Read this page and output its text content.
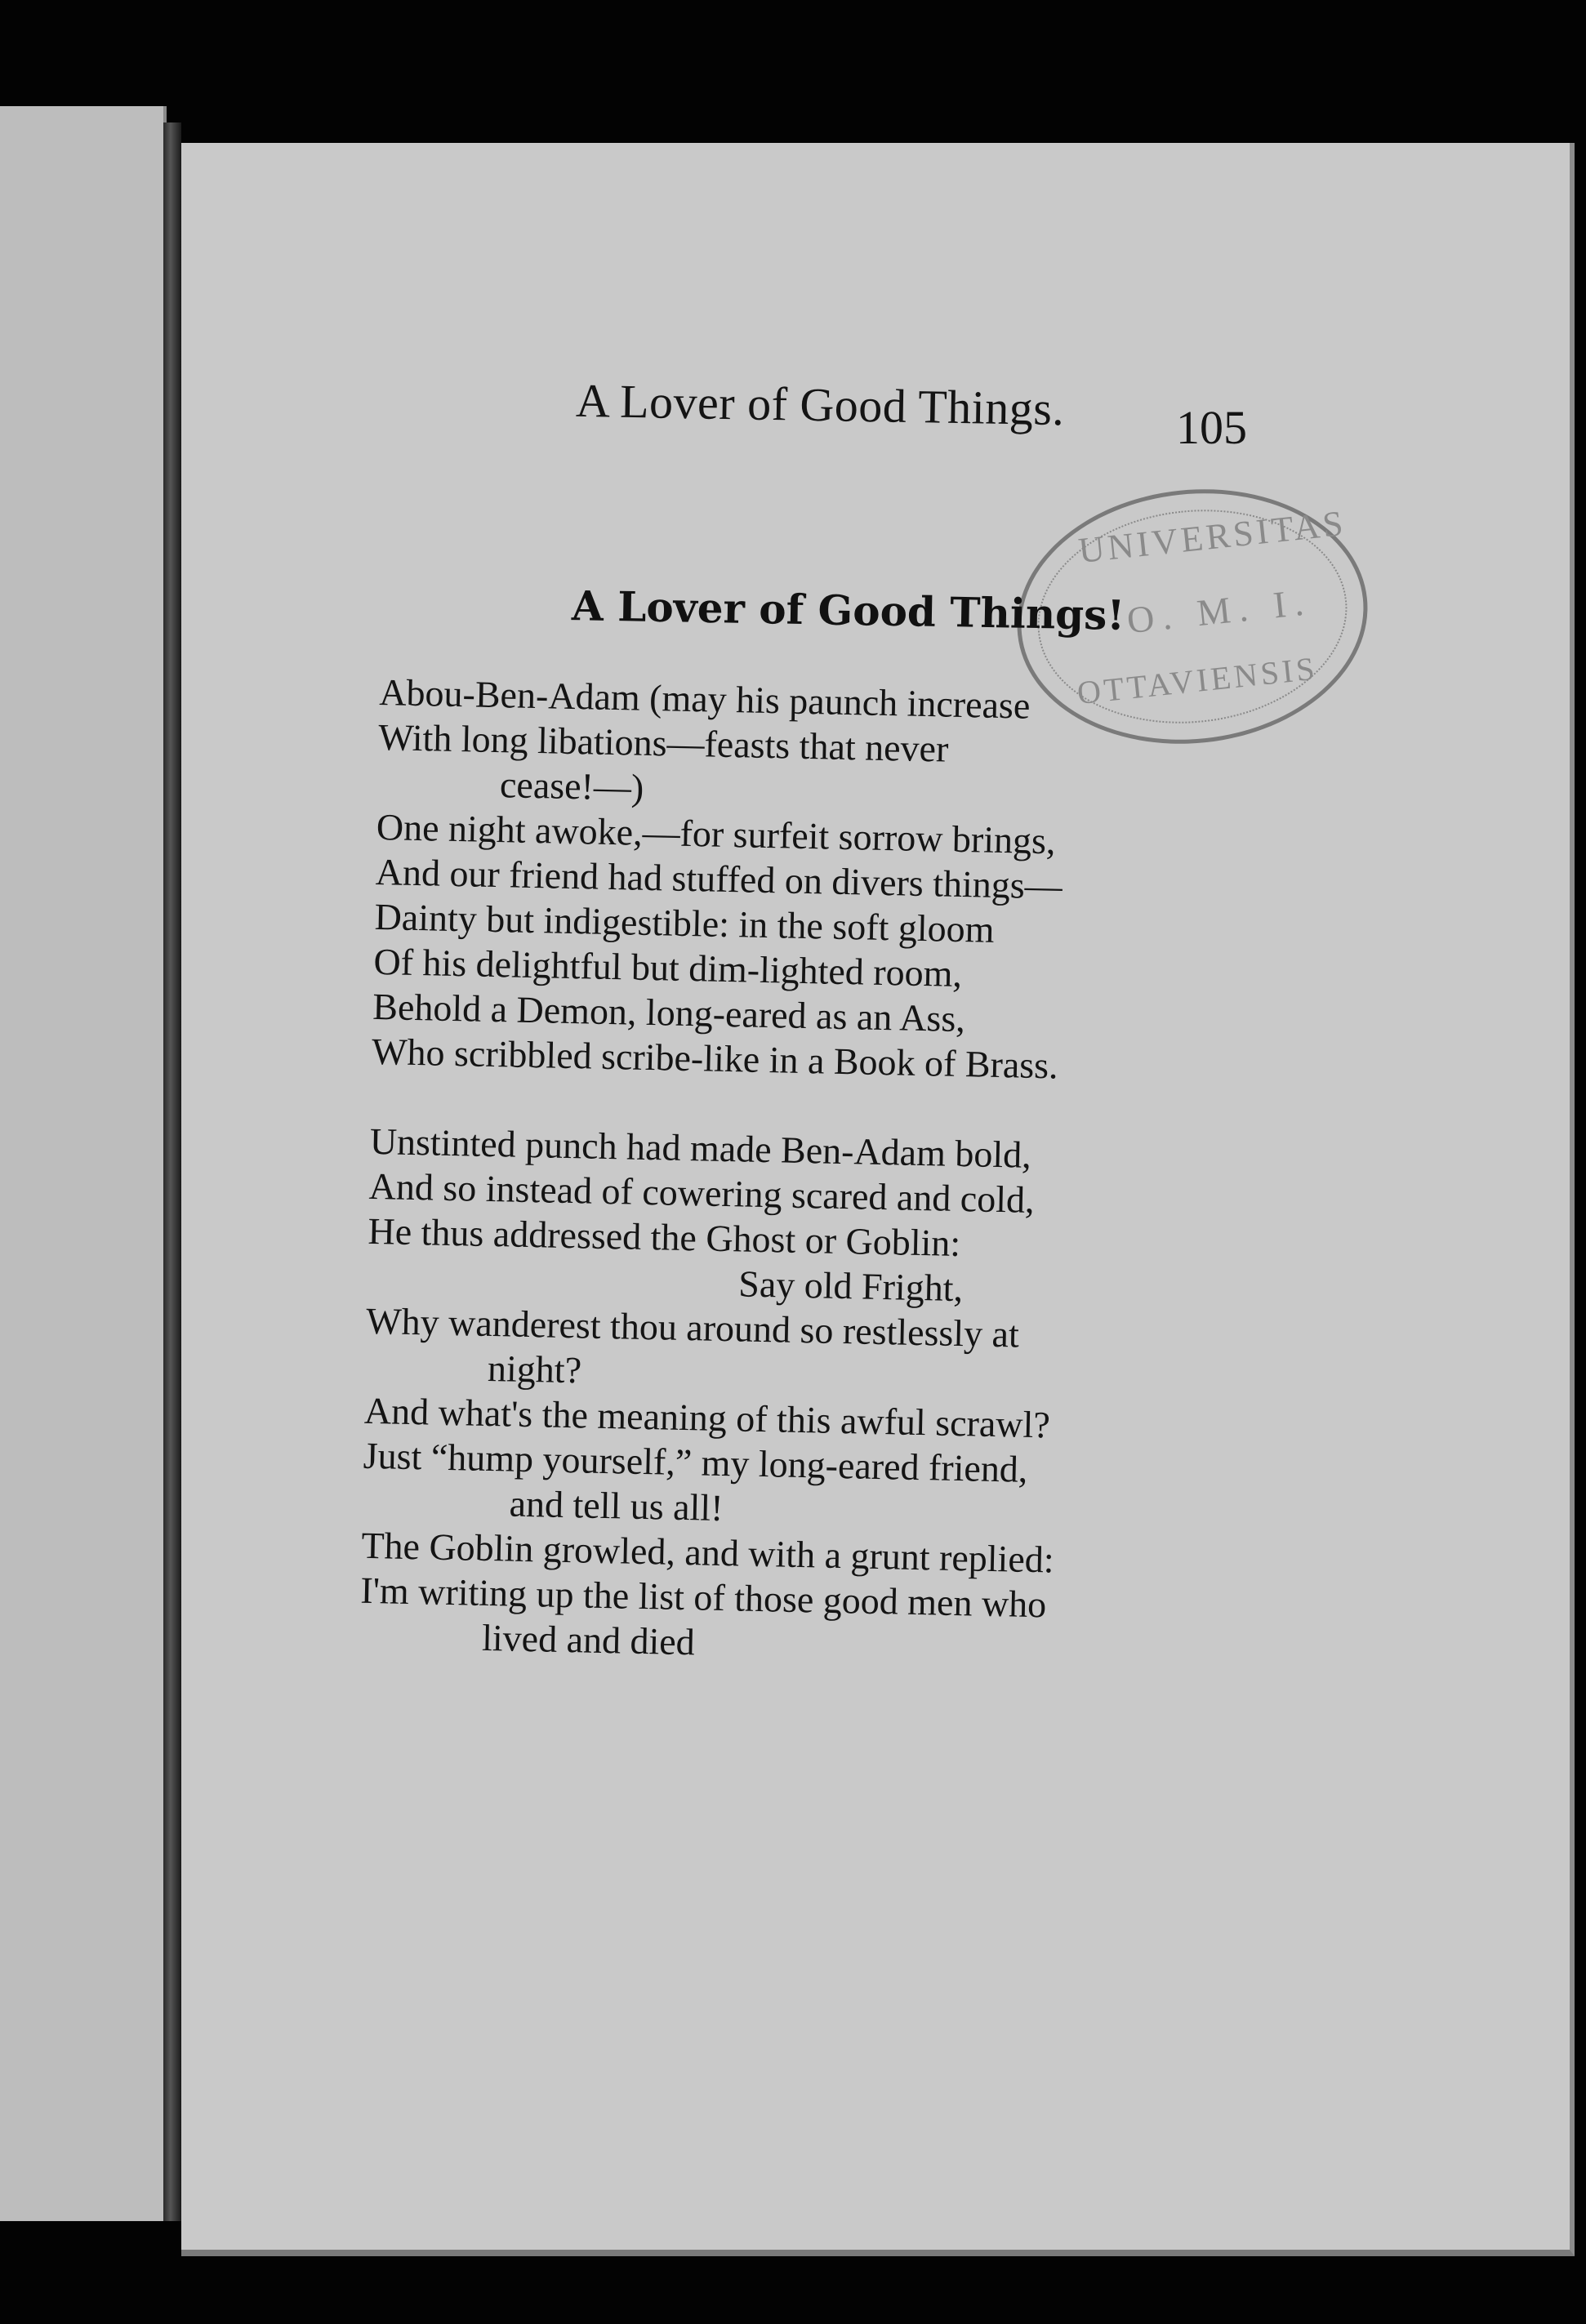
A Lover of Good Things. 105
UNIVERSITAS
O. M. I.
OTTAVIENSIS
A Lover of Good Things!
Abou-Ben-Adam (may his paunch increase
With long libations—feasts that never
cease!—)
One night awoke,—for surfeit sorrow brings,
And our friend had stuffed on divers things—
Dainty but indigestible: in the soft gloom
Of his delightful but dim-lighted room,
Behold a Demon, long-eared as an Ass,
Who scribbled scribe-like in a Book of Brass.
Unstinted punch had made Ben-Adam bold,
And so instead of cowering scared and cold,
He thus addressed the Ghost or Goblin:
Say old Fright,
Why wanderest thou around so restlessly at
night?
And what's the meaning of this awful scrawl?
Just “hump yourself,” my long-eared friend,
and tell us all!
The Goblin growled, and with a grunt replied:
I'm writing up the list of those good men who
lived and died
